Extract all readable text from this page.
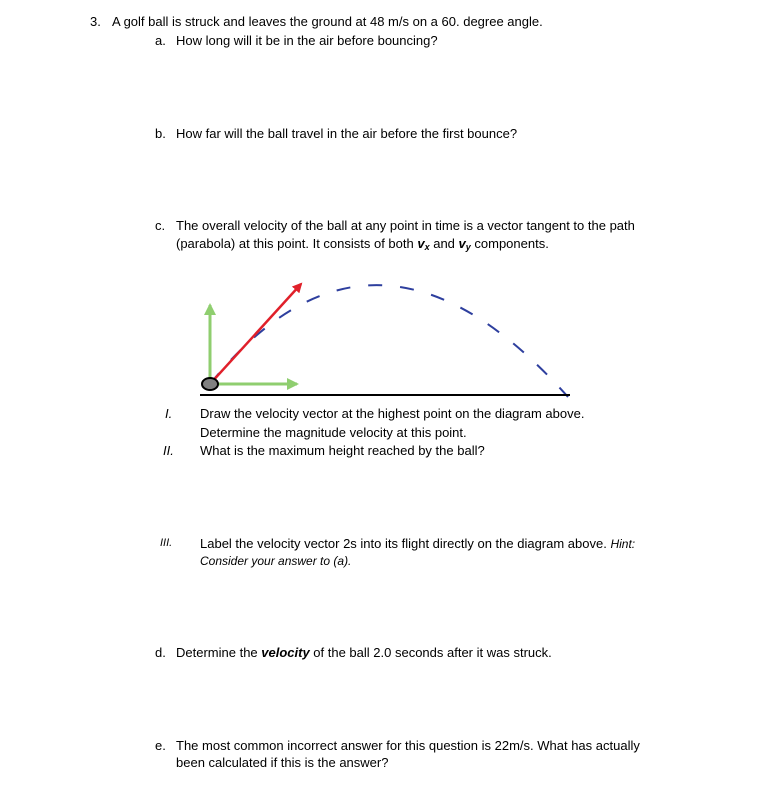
3. A golf ball is struck and leaves the ground at 48 m/s on a 60. degree angle.
a. How long will it be in the air before bouncing?
b. How far will the ball travel in the air before the first bounce?
c. The overall velocity of the ball at any point in time is a vector tangent to the path
(parabola) at this point. It consists of both $v_x$ and $v_y$ components.
I. Draw the velocity vector at the highest point on the diagram above.
Determine the magnitude velocity at this point.
II. What is the maximum height reached by the ball?
III. Label the velocity vector 2s into its flight directly on the diagram above. Hint:
Consider your answer to (a).
d. Determine the velocity of the ball 2.0 seconds after it was struck.
e. The most common incorrect answer for this question is 22m/s. What has actually
been calculated if this is the answer?
